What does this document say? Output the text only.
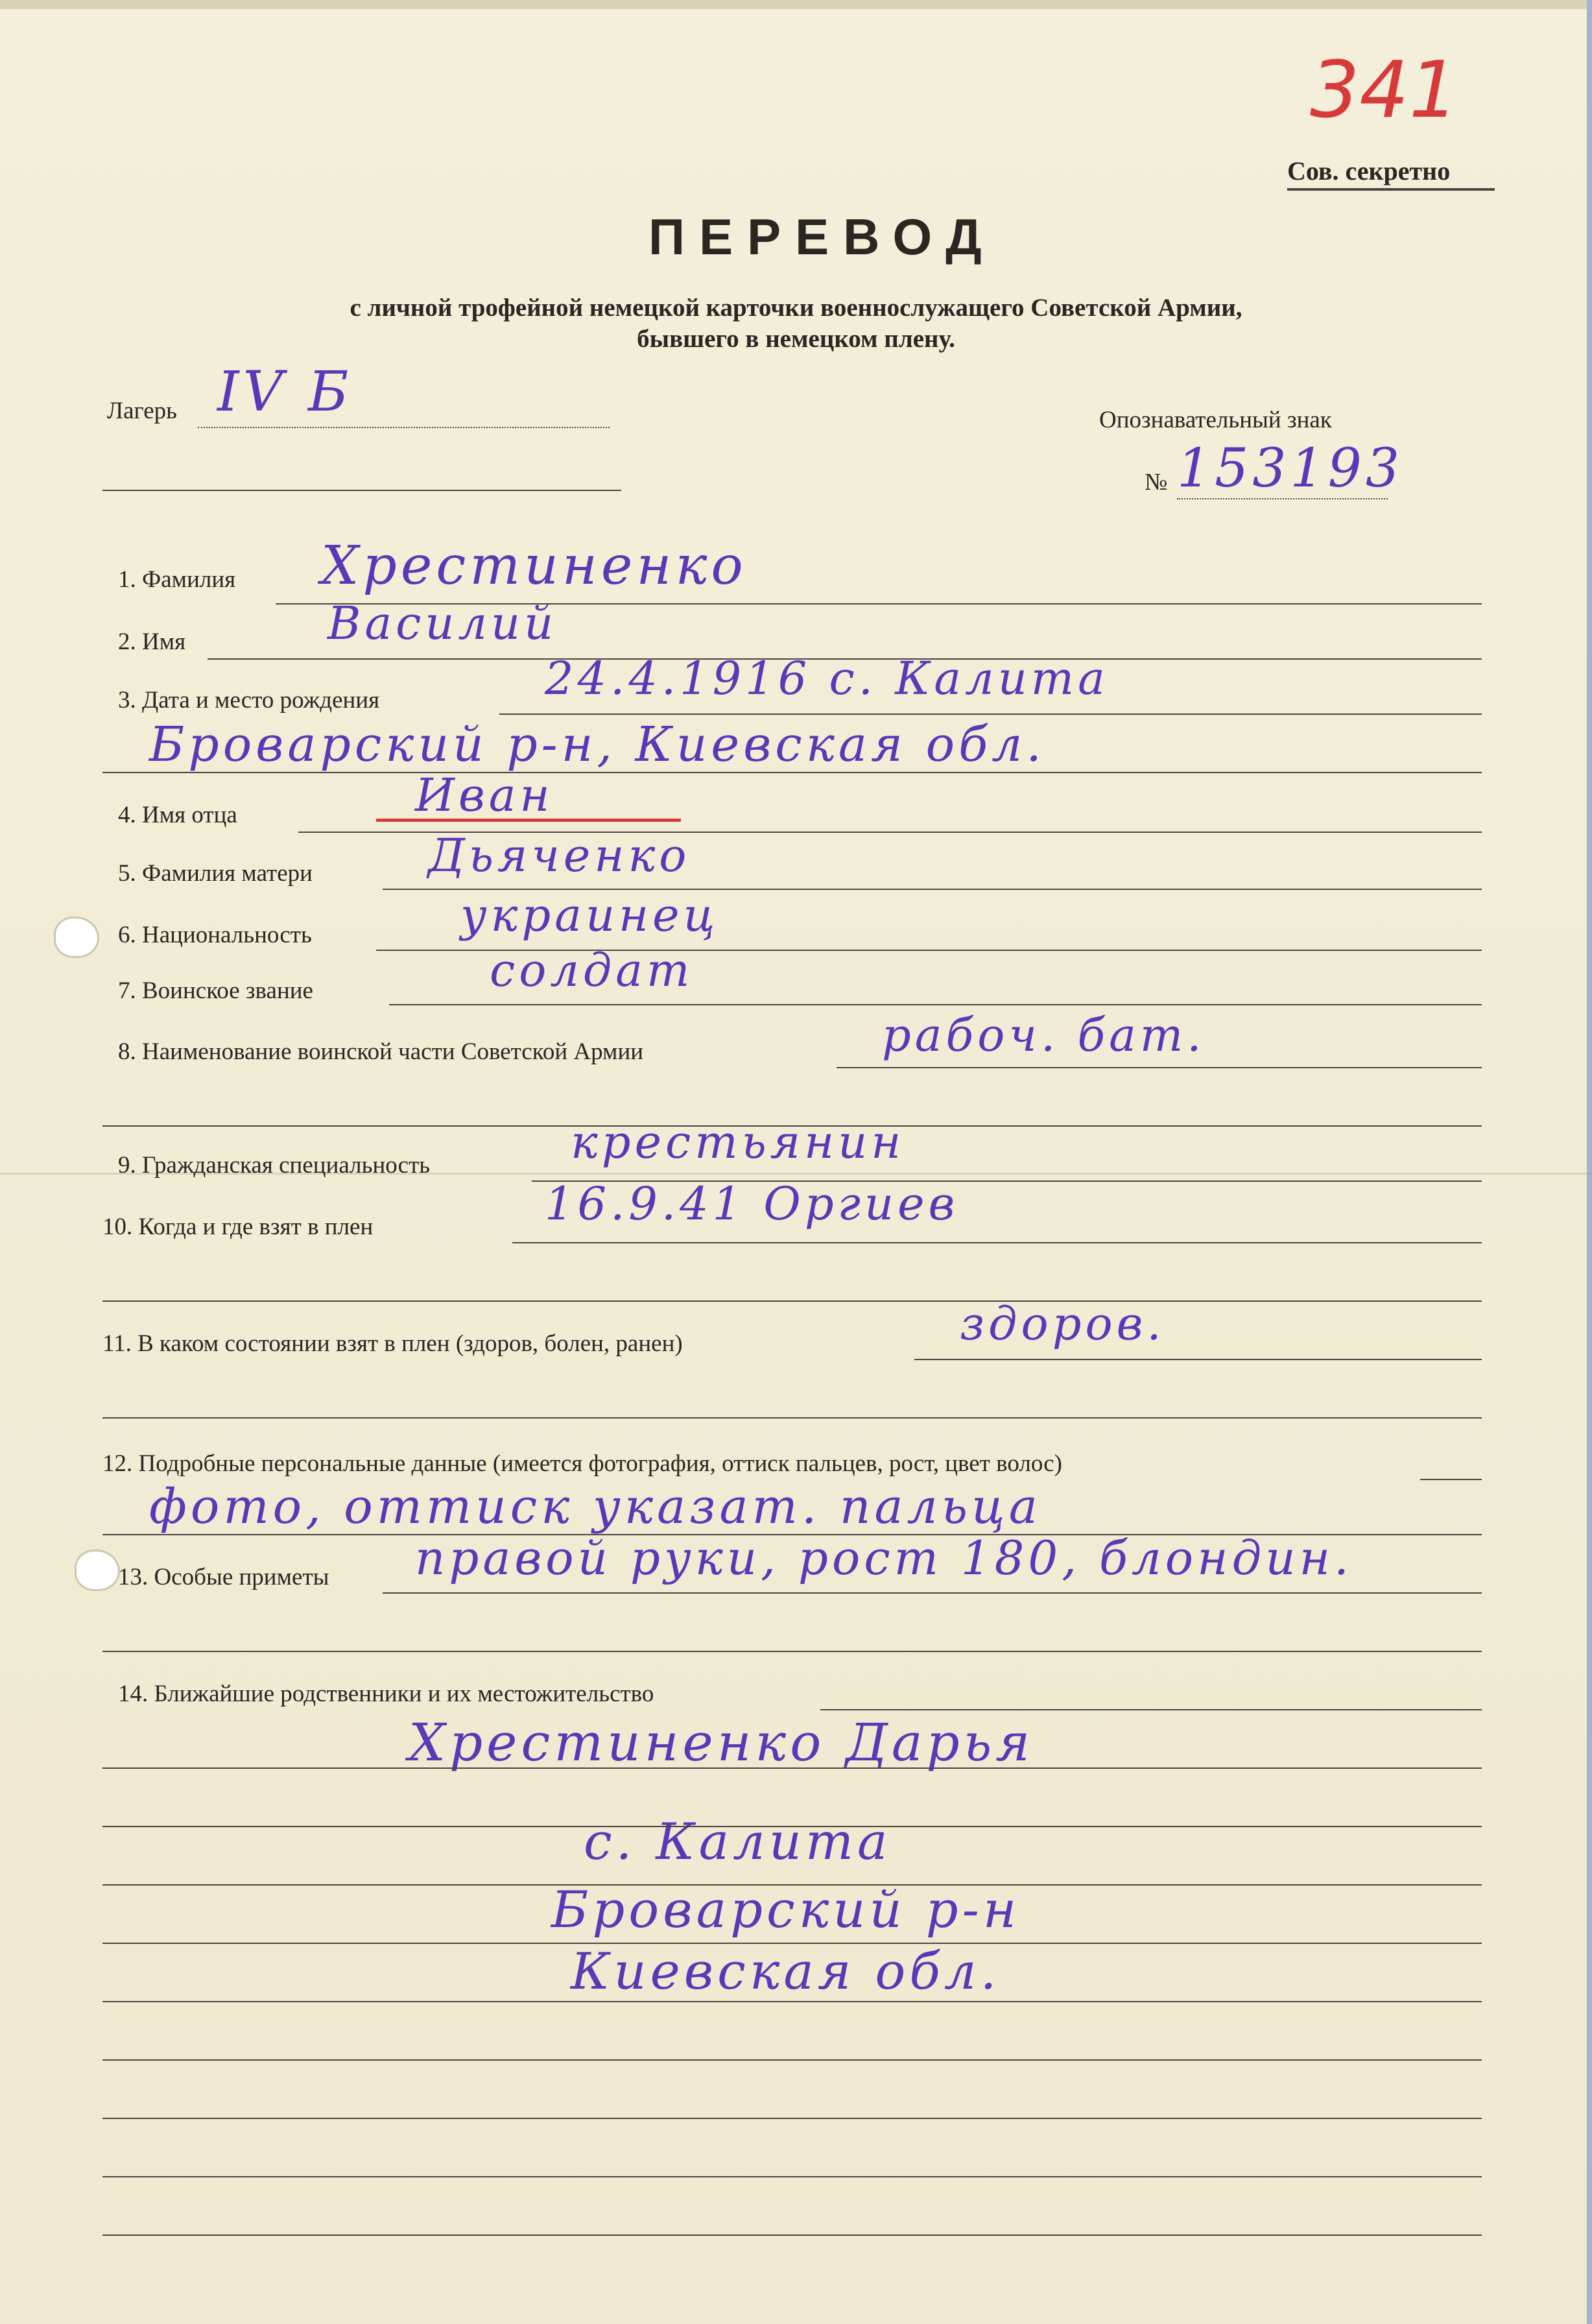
341
Сов. секретно
ПЕРЕВОД
с личной трофейной немецкой карточки военнослужащего Советской Армии,
бывшего в немецком плену.
Лагерь IV Б	Опознавательный знак
№ 153193
1. Фамилия Хрестиненко
2. Имя	Василий
3. Дата и место рождения	24.4.1916 с. Калита
Броварский р-н, Киевская обл.
4. Имя отца	Иван
5. Фамилия матери	Дьяченко
6. Национальность	украинец
7. Воинское звание	солдат
8. Наименование воинской части Советской Армии	рабоч. бат.
9. Гражданская специальность	крестьянин
10. Когда и где взят в плен	16.9.41 Оргиев
11. В каком состоянии взят в плен (здоров, болен, ранен)	здоров.
12. Подробные персональные данные (имеется фотография, оттиск пальцев, рост, цвет волос)
фото, оттиск указат. пальца
13. Особые приметы правой руки, рост 180, блондин.
14. Ближайшие родственники и их местожительство
Хрестиненко Дарья
с. Калита
Броварский р-н
Киевская обл.
